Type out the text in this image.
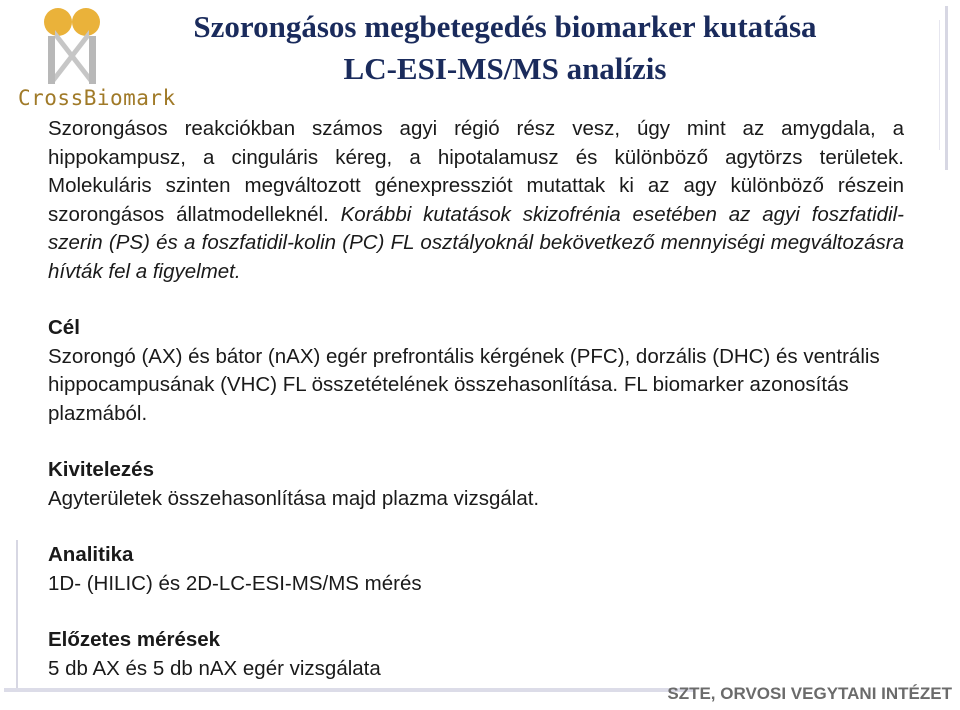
CrossBiomark
Szorongásos megbetegedés biomarker kutatása
LC-ESI-MS/MS analízis

Szorongásos reakciókban számos agyi régió rész vesz, úgy mint az amygdala, a hippokampusz, a cinguláris kéreg, a hipotalamusz és különböző agytörzs területek. Molekuláris szinten megváltozott génexpressziót mutattak ki az agy különböző részein szorongásos állatmodelleknél. Korábbi kutatások skizofrénia esetében az agyi foszfatidil-szerin (PS) és a foszfatidil-kolin (PC) FL osztályoknál bekövetkező mennyiségi megváltozásra hívták fel a figyelmet.

Cél

Szorongó (AX) és bátor (nAX) egér prefrontális kérgének (PFC), dorzális (DHC) és ventrális hippocampusának (VHC) FL összetételének összehasonlítása. FL biomarker azonosítás plazmából.

Kivitelezés

Agyterületek összehasonlítása majd plazma vizsgálat.

Analitika

1D- (HILIC) és 2D-LC-ESI-MS/MS mérés

Előzetes mérések

5 db AX és 5 db nAX egér vizsgálata

SZTE, ORVOSI VEGYTANI INTÉZET
